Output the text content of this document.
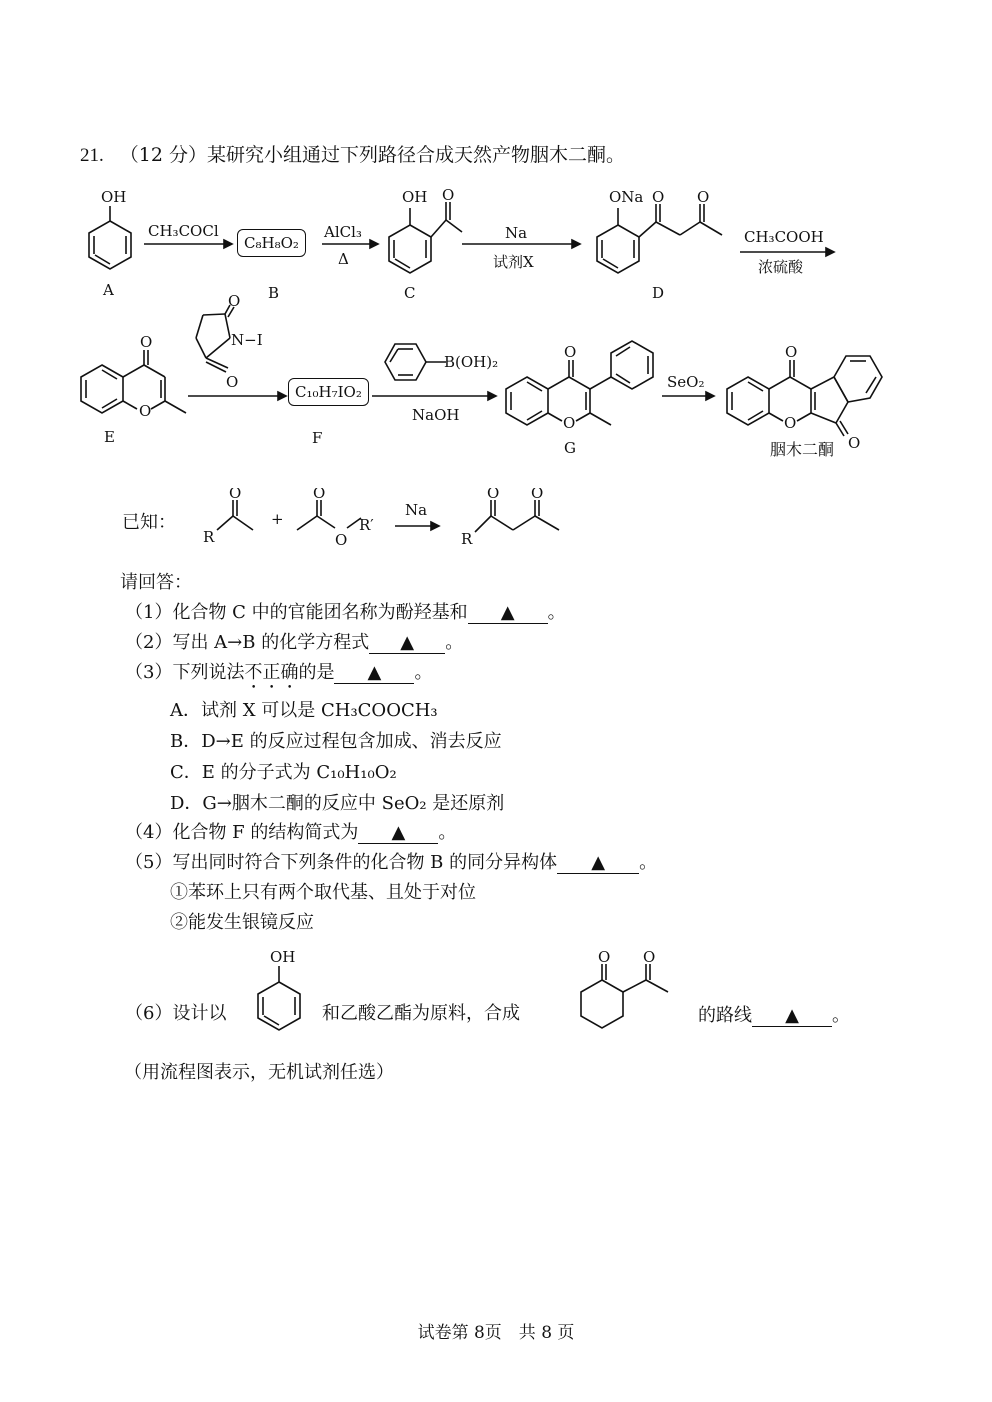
21. （12 分）某研究小组通过下列路径合成天然产物胭木二酮。
OH
A
CH₃COCl	AlCl₃
Δ
B
OH O
C
Na
试剂X
ONa O O
D
CH₃COOH
浓硫酸
O
O
E
O
O
N−I
F
B(OH)₂
NaOH
O
O
G
SeO₂
O
O
O
胭木二酮
C₈H₈O₂
C₁₀H₇IO₂
已知：
R
O
+
O
O
R′
Na
R
O O
请回答：
（1）化合物 C 中的官能团名称为酚羟基和 ▲ 。
（2）写出 A→B 的化学方程式 ▲ 。
（3）下列说法不正确的是 ▲ 。
A．试剂 X 可以是 CH₃COOCH₃
B．D→E 的反应过程包含加成、消去反应
C．E 的分子式为 C₁₀H₁₀O₂
D．G→胭木二酮的反应中 SeO₂ 是还原剂
（4）化合物 F 的结构简式为 ▲ 。
（5）写出同时符合下列条件的化合物 B 的同分异构体 ▲ 。
①苯环上只有两个取代基、且处于对位
②能发生银镜反应
（6）设计以
OH
和乙酸乙酯为原料，合成
O O
的路线 ▲ 。
（用流程图表示，无机试剂任选）
试卷第 8页　共 8 页
